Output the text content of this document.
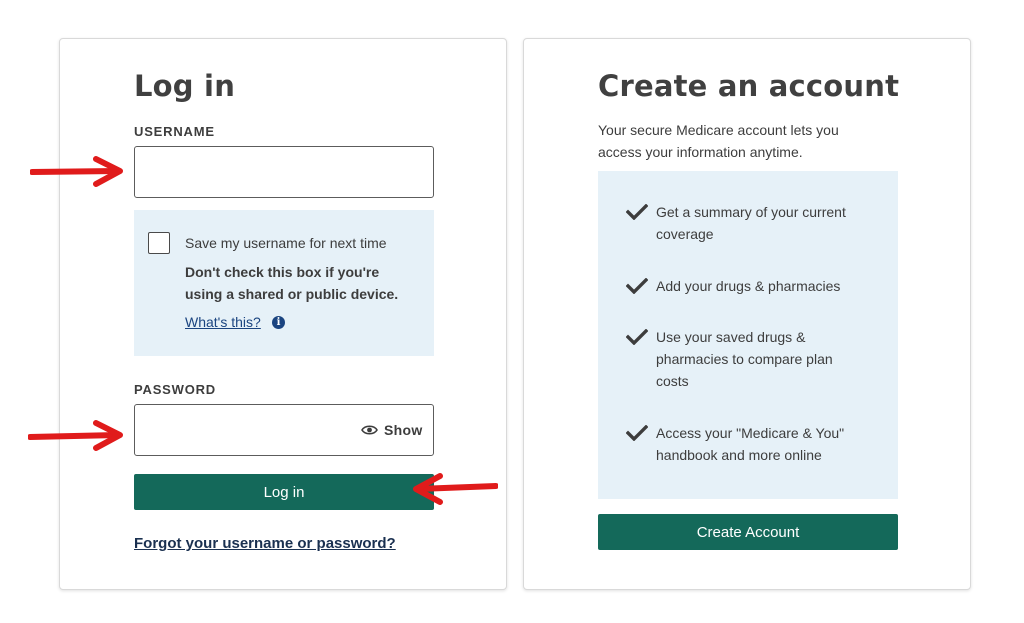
Log in
USERNAME
Save my username for next time
Don't check this box if you're
using a shared or public device.
What's this?	i
PASSWORD
Show
Log in
Forgot your username or password?
Create an account
Your secure Medicare account lets you
access your information anytime.
Get a summary of your current
coverage
Add your drugs & pharmacies
Use your saved drugs &
pharmacies to compare plan
costs
Access your "Medicare & You"
handbook and more online
Create Account
